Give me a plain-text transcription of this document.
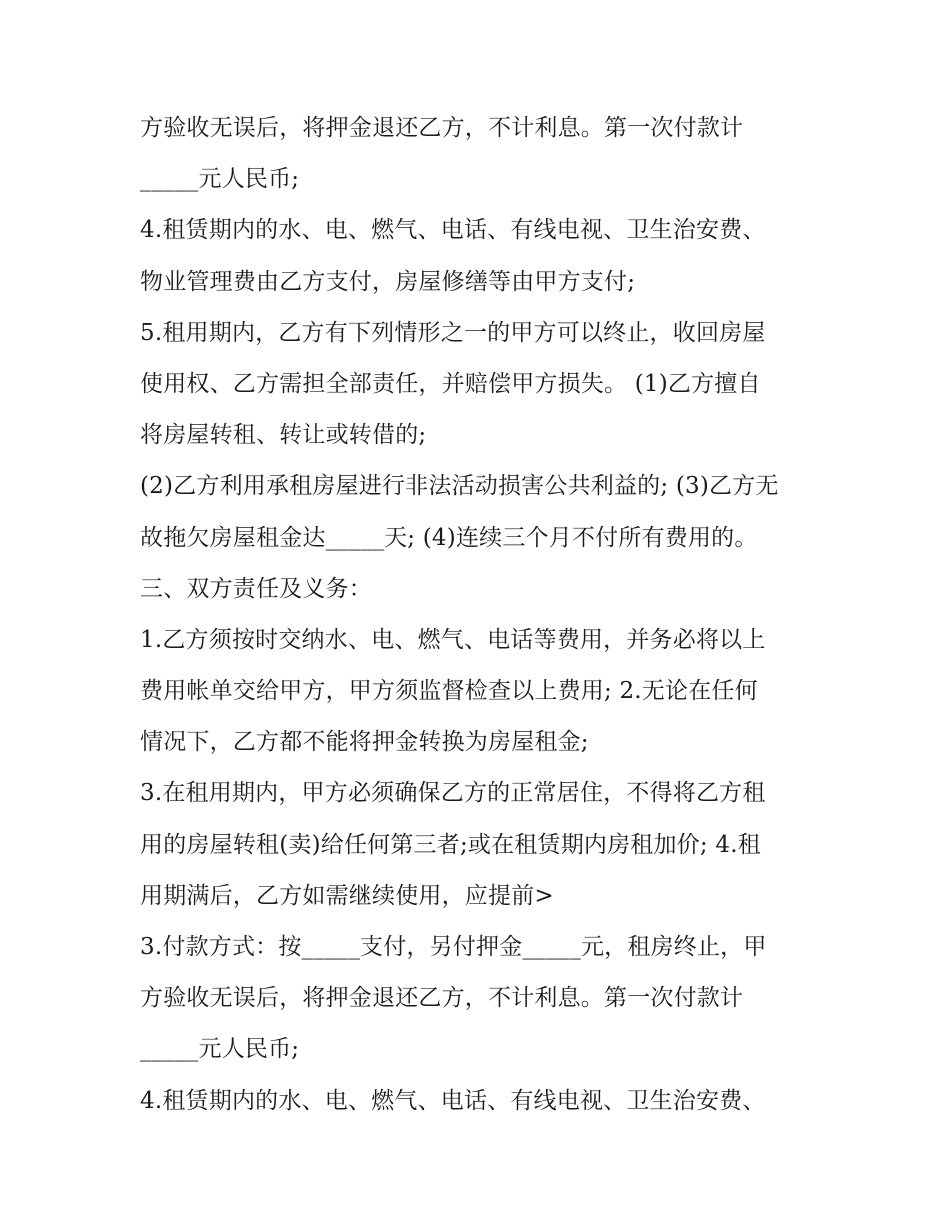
方验收无误后，将押金退还乙方，不计利息。第一次付款计
_____元人民币;
4.租赁期内的水、电、燃气、电话、有线电视、卫生治安费、
物业管理费由乙方支付，房屋修缮等由甲方支付;
5.租用期内，乙方有下列情形之一的甲方可以终止，收回房屋
使用权、乙方需担全部责任，并赔偿甲方损失。 (1)乙方擅自
将房屋转租、转让或转借的;
(2)乙方利用承租房屋进行非法活动损害公共利益的; (3)乙方无
故拖欠房屋租金达_____天; (4)连续三个月不付所有费用的。
三、双方责任及义务：
1.乙方须按时交纳水、电、燃气、电话等费用，并务必将以上
费用帐单交给甲方，甲方须监督检查以上费用; 2.无论在任何
情况下，乙方都不能将押金转换为房屋租金;
3.在租用期内，甲方必须确保乙方的正常居住，不得将乙方租
用的房屋转租(卖)给任何第三者;或在租赁期内房租加价; 4.租
用期满后，乙方如需继续使用，应提前>
3.付款方式：按_____支付，另付押金_____元，租房终止，甲
方验收无误后，将押金退还乙方，不计利息。第一次付款计
_____元人民币;
4.租赁期内的水、电、燃气、电话、有线电视、卫生治安费、
